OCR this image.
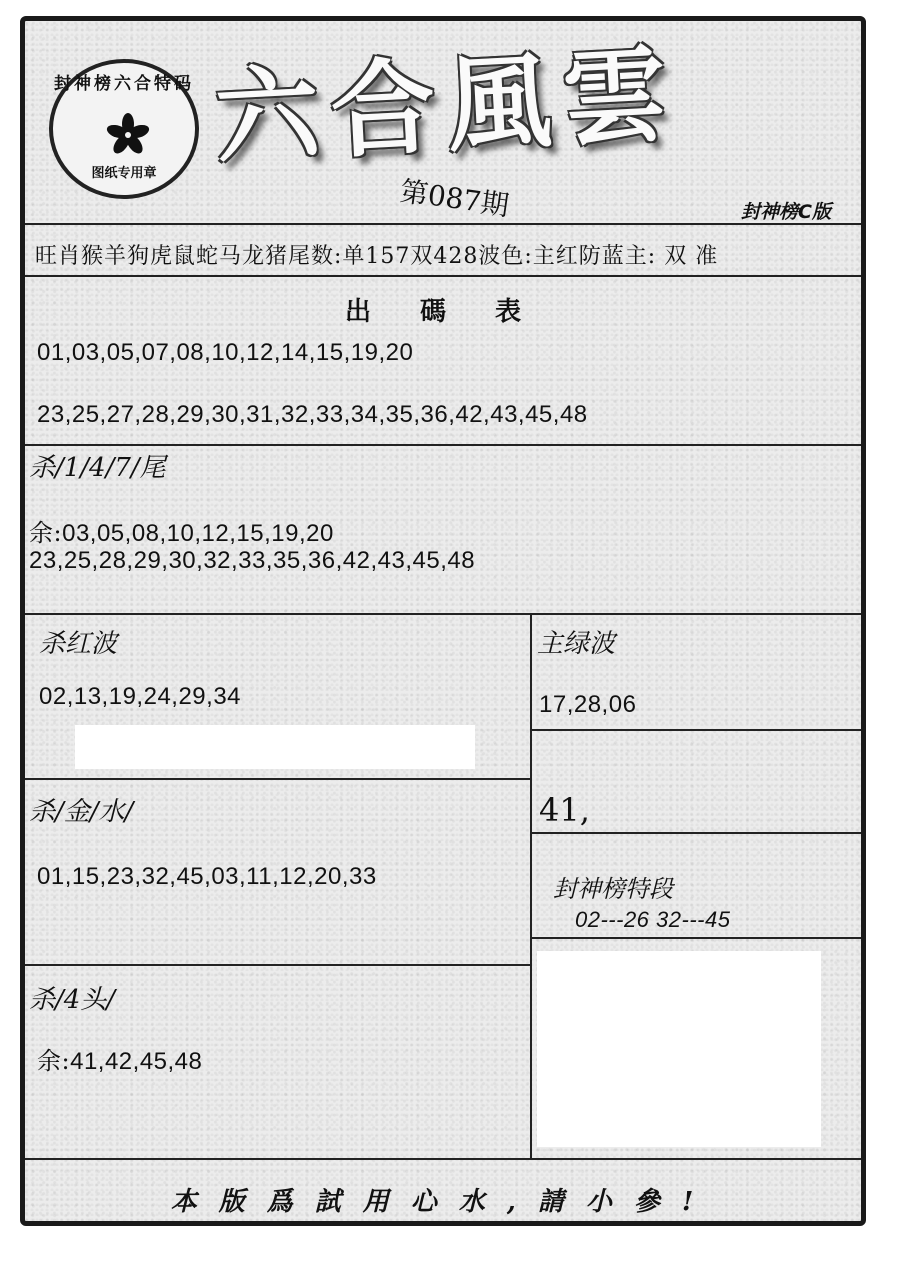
封神榜六合特码
图纸专用章 六合風雲
第087期	封神榜C版
旺肖猴羊狗虎鼠蛇马龙猪尾数:单157双428波色:主红防蓝主: 双 准
出 碼 表
01,03,05,07,08,10,12,14,15,19,20
23,25,27,28,29,30,31,32,33,34,35,36,42,43,45,48
杀/1/4/7/尾
余:03,05,08,10,12,15,19,20
23,25,28,29,30,32,33,35,36,42,43,45,48
杀红波
02,13,19,24,29,34
杀/金/水/
01,15,23,32,45,03,11,12,20,33
杀/4头/
余:41,42,45,48
主绿波
17,28,06
41,
封神榜特段
02---26 32---45
本版爲試用心水,請小參!
